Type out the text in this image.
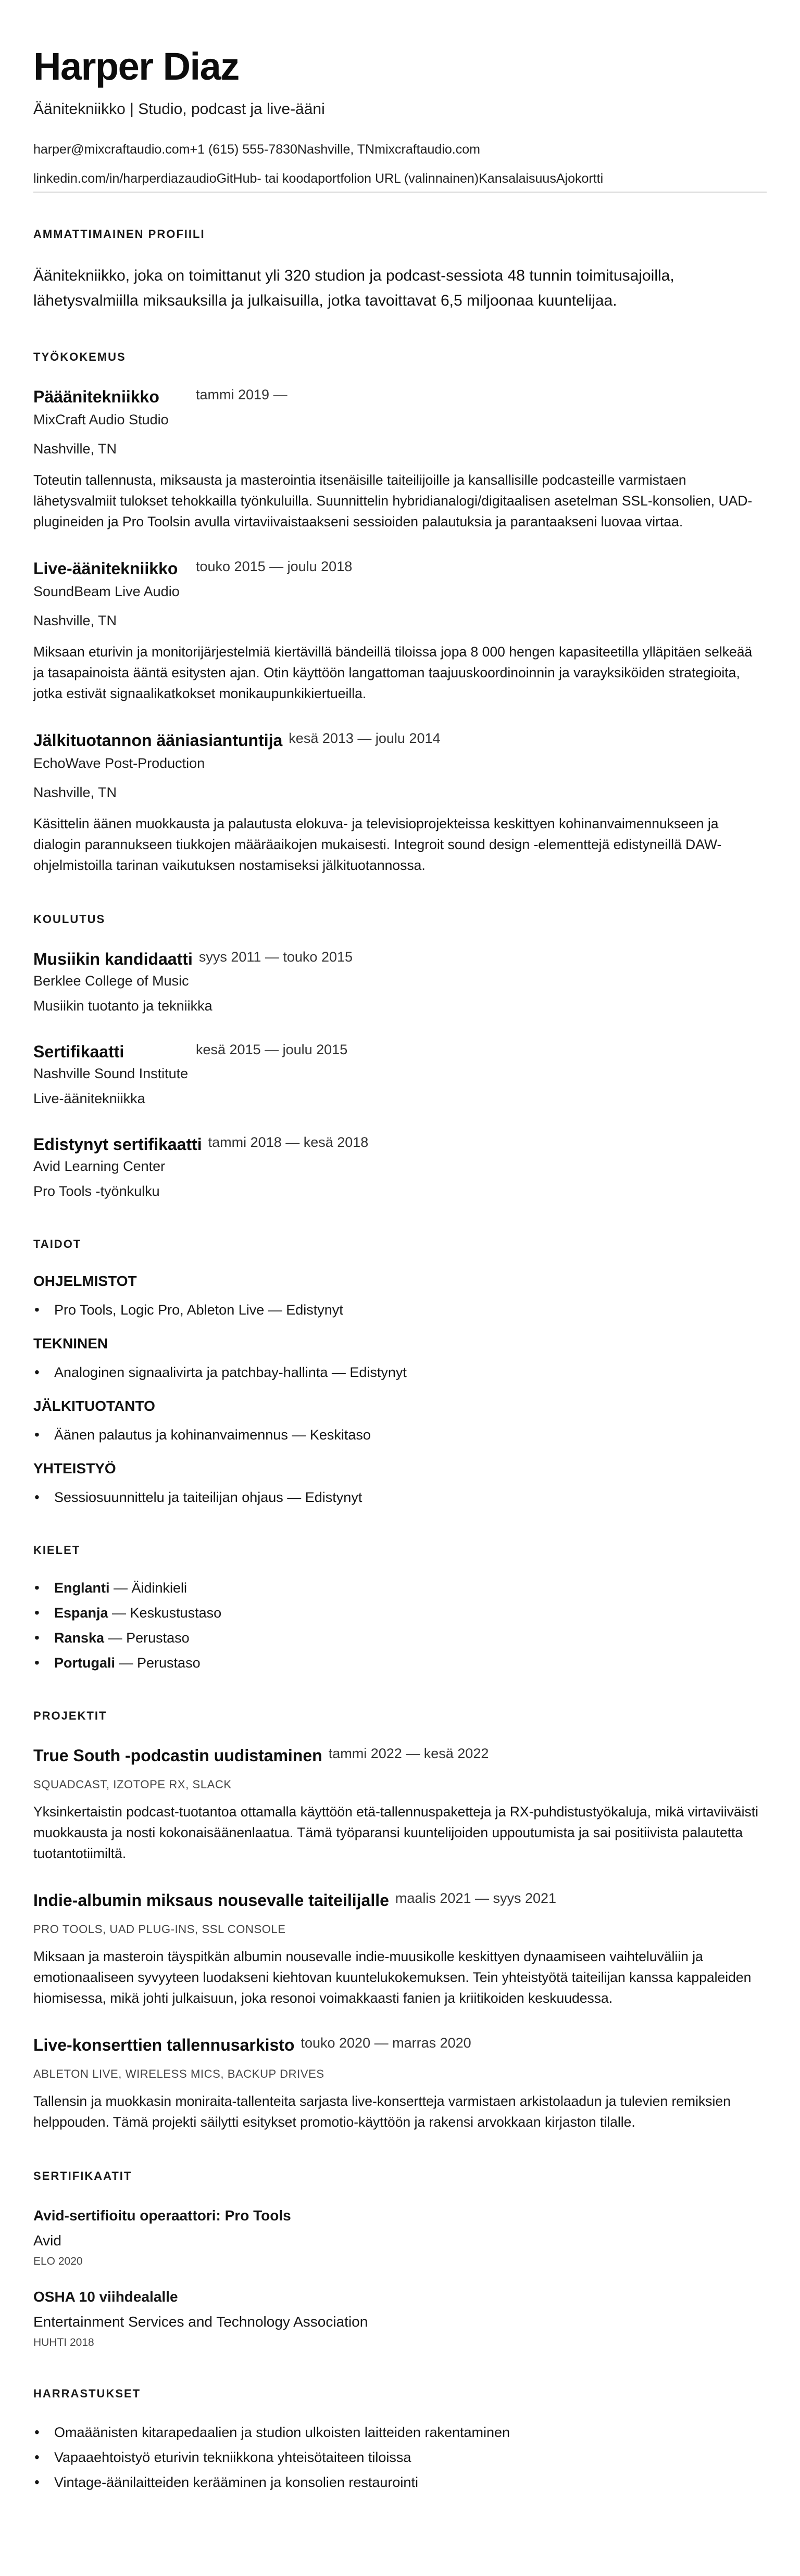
Harper Diaz
Äänitekniikko | Studio, podcast ja live-ääni
harper@mixcraftaudio.com+1 (615) 555-7830Nashville, TNmixcraftaudio.com
linkedin.com/in/harperdiazaudioGitHub- tai koodaportfolion URL (valinnainen)KansalaisuusAjokortti
AMMATTIMAINEN PROFIILI

Äänitekniikko, joka on toimittanut yli 320 studion ja podcast-sessiota 48 tunnin toimitusajoilla, lähetysvalmiilla miksauksilla ja julkaisuilla, jotka tavoittavat 6,5 miljoonaa kuuntelijaa.

TYÖKOKEMUS
Pääänitekniikko	tammi 2019 —
MixCraft Audio Studio
Nashville, TN

Toteutin tallennusta, miksausta ja masterointia itsenäisille taiteilijoille ja kansallisille podcasteille varmistaen lähetysvalmiit tulokset tehokkailla työnkuluilla. Suunnittelin hybridianalogi/digitaalisen asetelman SSL-konsolien, UAD-plugineiden ja Pro Toolsin avulla virtaviivaistaakseni sessioiden palautuksia ja parantaakseni luovaa virtaa.

Live-äänitekniikko	touko 2015 — joulu 2018
SoundBeam Live Audio
Nashville, TN

Miksaan eturivin ja monitorijärjestelmiä kiertävillä bändeillä tiloissa jopa 8 000 hengen kapasiteetilla ylläpitäen selkeää ja tasapainoista ääntä esitysten ajan. Otin käyttöön langattoman taajuuskoordinoinnin ja varayksiköiden strategioita, jotka estivät signaalikatkokset monikaupunkikiertueilla.

Jälkituotannon ääniasiantuntija kesä 2013 — joulu 2014
EchoWave Post-Production
Nashville, TN

Käsittelin äänen muokkausta ja palautusta elokuva- ja televisioprojekteissa keskittyen kohinanvaimennukseen ja dialogin parannukseen tiukkojen määräaikojen mukaisesti. Integroit sound design -elementtejä edistyneillä DAW-ohjelmistoilla tarinan vaikutuksen nostamiseksi jälkituotannossa.

KOULUTUS
Musiikin kandidaatti syys 2011 — touko 2015
Berklee College of Music
Musiikin tuotanto ja tekniikka
Sertifikaatti	kesä 2015 — joulu 2015
Nashville Sound Institute
Live-äänitekniikka
Edistynyt sertifikaatti tammi 2018 — kesä 2018
Avid Learning Center
Pro Tools -työnkulku
TAIDOT
OHJELMISTOT
• Pro Tools, Logic Pro, Ableton Live — Edistynyt
TEKNINEN
• Analoginen signaalivirta ja patchbay-hallinta — Edistynyt
JÄLKITUOTANTO
• Äänen palautus ja kohinanvaimennus — Keskitaso
YHTEISTYÖ
• Sessiosuunnittelu ja taiteilijan ohjaus — Edistynyt
KIELET
• Englanti — Äidinkieli
• Espanja — Keskustustaso
• Ranska — Perustaso
• Portugali — Perustaso
PROJEKTIT
True South -podcastin uudistaminen tammi 2022 — kesä 2022
SQUADCAST, IZOTOPE RX, SLACK

Yksinkertaistin podcast-tuotantoa ottamalla käyttöön etä-tallennuspaketteja ja RX-puhdistustyökaluja, mikä virtaviiväisti muokkausta ja nosti kokonaisäänenlaatua. Tämä työparansi kuuntelijoiden uppoutumista ja sai positiivista palautetta tuotantotiimiltä.

Indie-albumin miksaus nousevalle taiteilijalle maalis 2021 — syys 2021
PRO TOOLS, UAD PLUG-INS, SSL CONSOLE

Miksaan ja masteroin täyspitkän albumin nousevalle indie-muusikolle keskittyen dynaamiseen vaihteluväliin ja emotionaaliseen syvyyteen luodakseni kiehtovan kuuntelukokemuksen. Tein yhteistyötä taiteilijan kanssa kappaleiden hiomisessa, mikä johti julkaisuun, joka resonoi voimakkaasti fanien ja kriitikoiden keskuudessa.

Live-konserttien tallennusarkisto touko 2020 — marras 2020
ABLETON LIVE, WIRELESS MICS, BACKUP DRIVES

Tallensin ja muokkasin moniraita-tallenteita sarjasta live-konsertteja varmistaen arkistolaadun ja tulevien remiksien helppouden. Tämä projekti säilytti esitykset promotio-käyttöön ja rakensi arvokkaan kirjaston tilalle.

SERTIFIKAATIT
Avid-sertifioitu operaattori: Pro Tools
Avid
ELO 2020
OSHA 10 viihdealalle
Entertainment Services and Technology Association
HUHTI 2018
HARRASTUKSET
• Omaäänisten kitarapedaalien ja studion ulkoisten laitteiden rakentaminen
• Vapaaehtoistyö eturivin tekniikkona yhteisötaiteen tiloissa
• Vintage-äänilaitteiden kerääminen ja konsolien restaurointi
